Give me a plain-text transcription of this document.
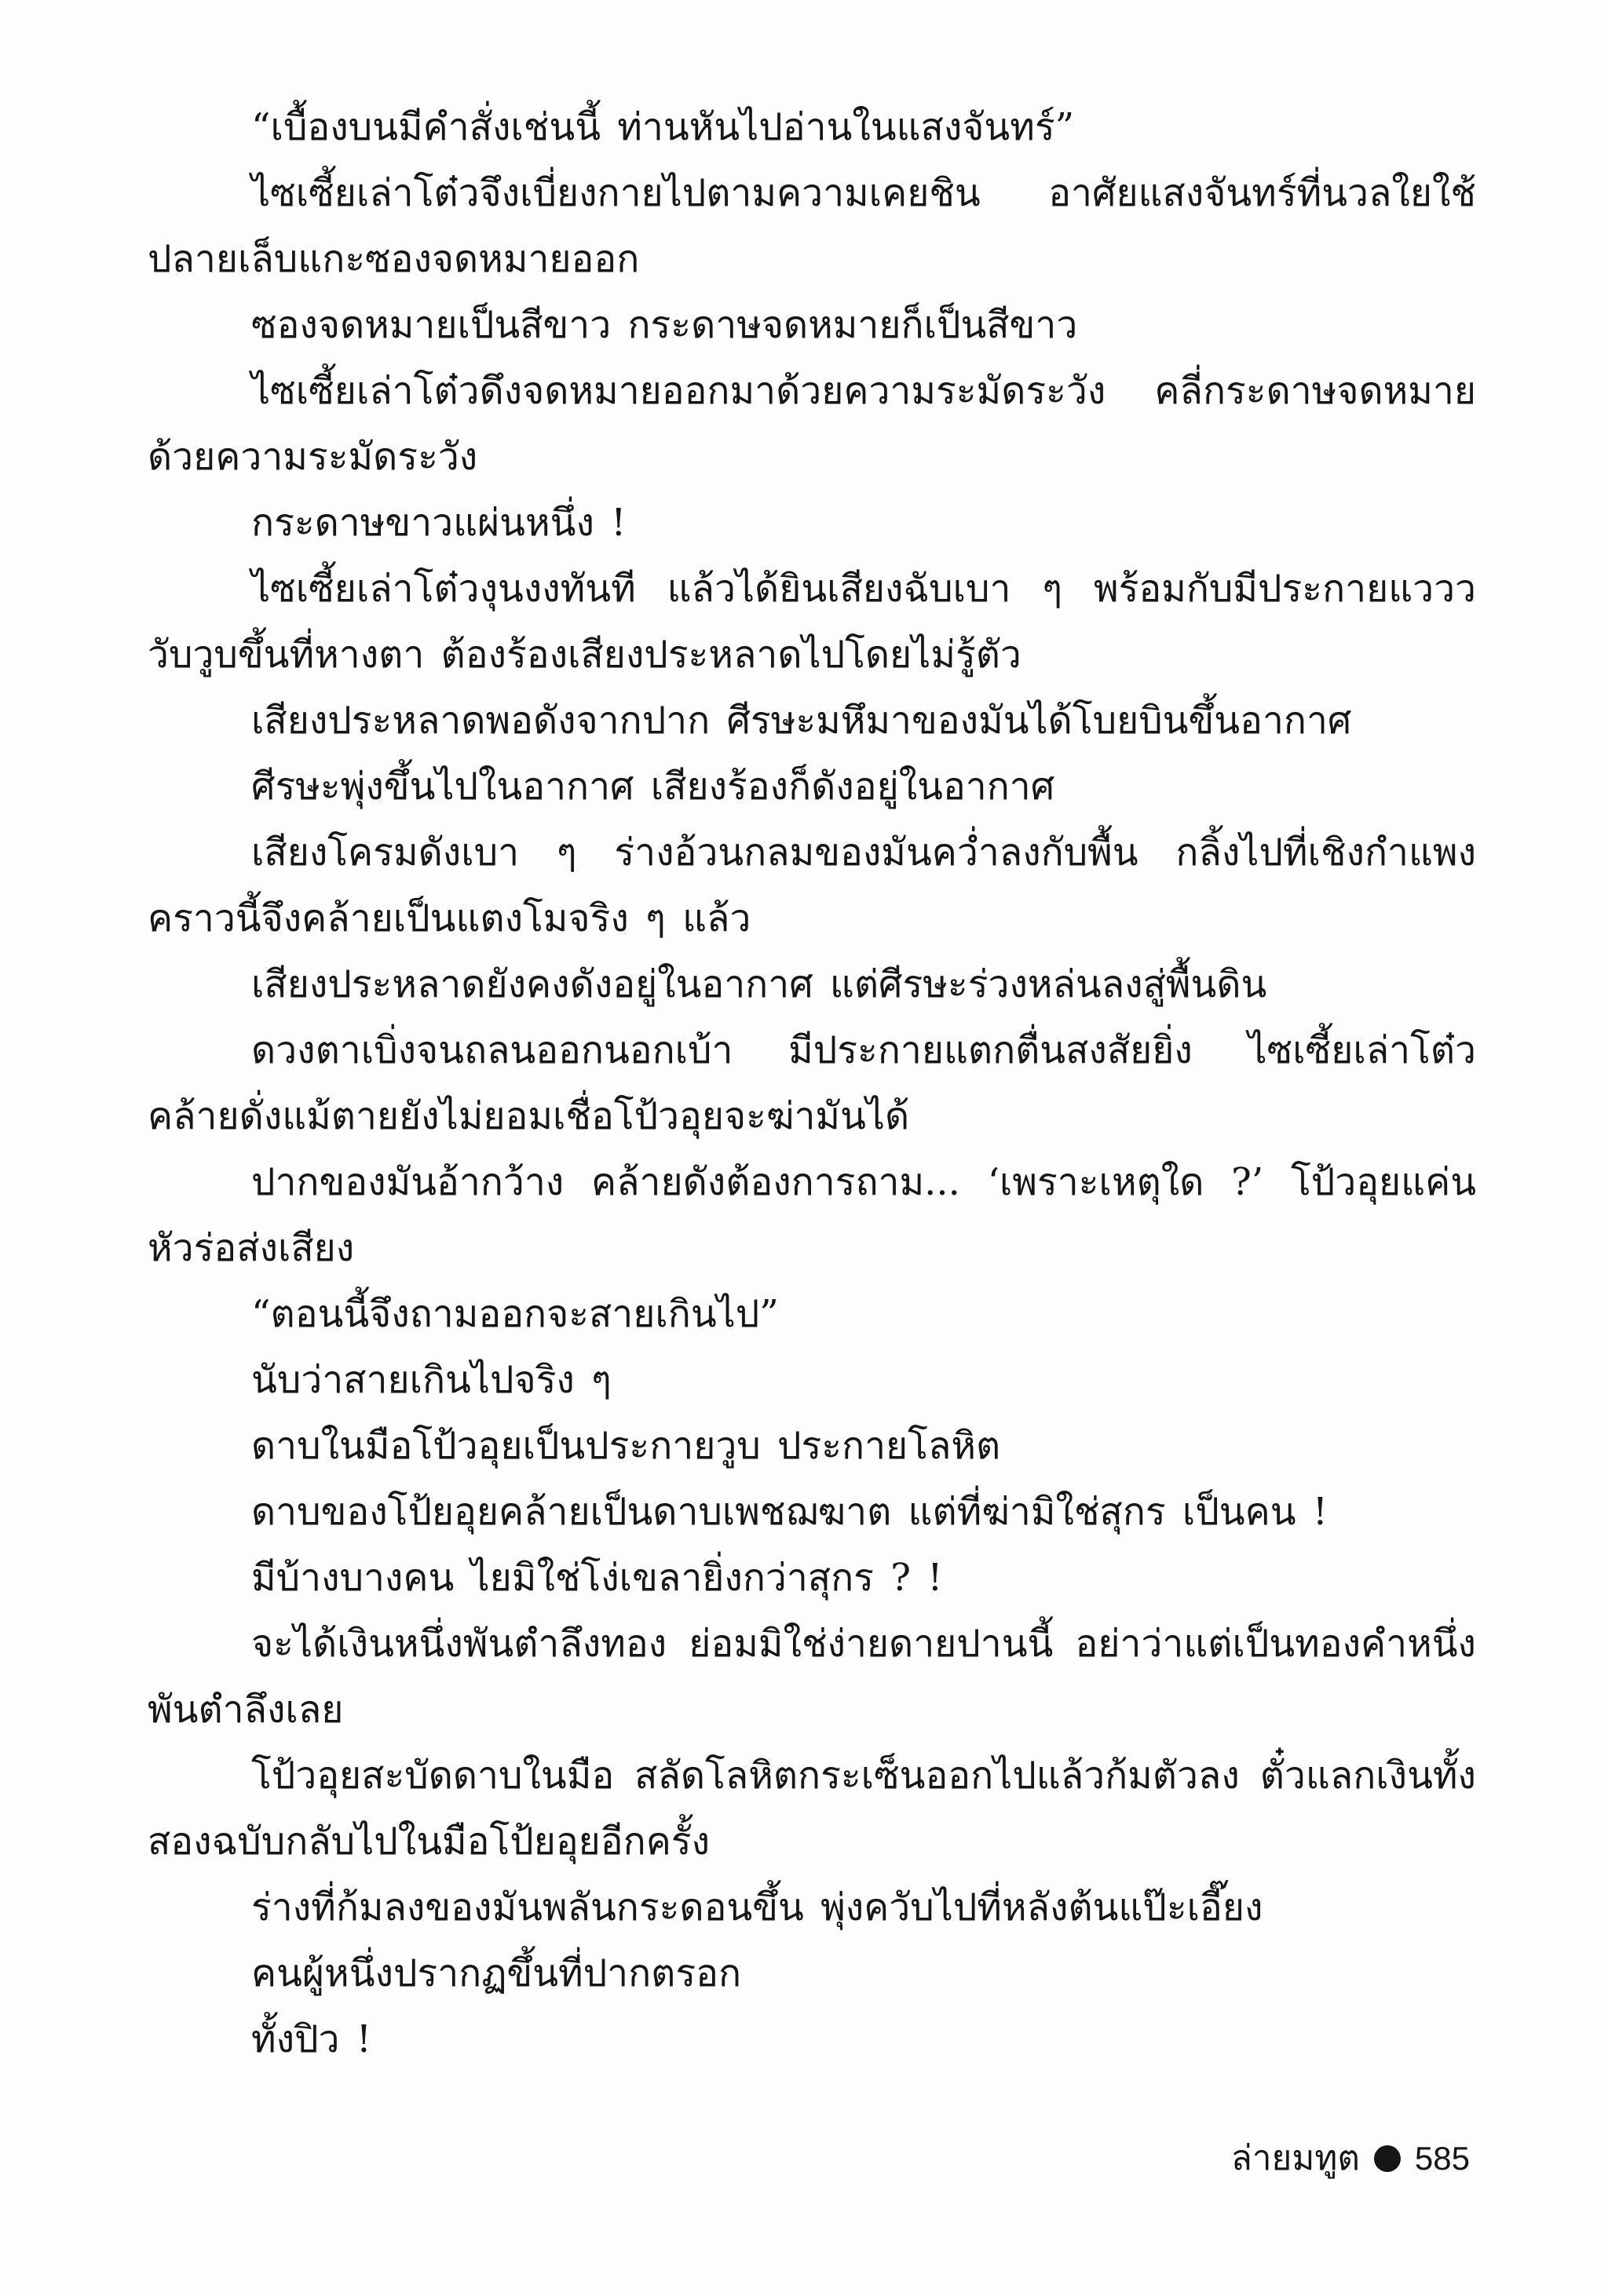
“เบื้องบนมีคำสั่งเช่นนี้ ท่านหันไปอ่านในแสงจันทร์”

ไซเซี้ยเล่าโต๋วจึงเบี่ยงกายไปตามความเคยชิน อาศัยแสงจันทร์ที่นวลใยใช้ปลายเล็บแกะซองจดหมายออก

ซองจดหมายเป็นสีขาว กระดาษจดหมายก็เป็นสีขาว

ไซเซี้ยเล่าโต๋วดึงจดหมายออกมาด้วยความระมัดระวัง คลี่กระดาษจดหมายด้วยความระมัดระวัง

กระดาษขาวแผ่นหนึ่ง !

ไซเซี้ยเล่าโต๋วงุนงงทันที แล้วได้ยินเสียงฉับเบา ๆ พร้อมกับมีประกายแววววับวูบขึ้นที่หางตา ต้องร้องเสียงประหลาดไปโดยไม่รู้ตัว

เสียงประหลาดพอดังจากปาก ศีรษะมหึมาของมันได้โบยบินขึ้นอากาศ

ศีรษะพุ่งขึ้นไปในอากาศ เสียงร้องก็ดังอยู่ในอากาศ

เสียงโครมดังเบา ๆ ร่างอ้วนกลมของมันคว่ำลงกับพื้น กลิ้งไปที่เชิงกำแพงคราวนี้จึงคล้ายเป็นแตงโมจริง ๆ แล้ว

เสียงประหลาดยังคงดังอยู่ในอากาศ แต่ศีรษะร่วงหล่นลงสู่พื้นดิน

ดวงตาเบิ่งจนถลนออกนอกเบ้า มีประกายแตกตื่นสงสัยยิ่ง ไซเซี้ยเล่าโต๋วคล้ายดั่งแม้ตายยังไม่ยอมเชื่อโป้วอุยจะฆ่ามันได้

ปากของมันอ้ากว้าง คล้ายดังต้องการถาม... ‘เพราะเหตุใด ?’ โป้วอุยแค่นหัวร่อส่งเสียง

“ตอนนี้จึงถามออกจะสายเกินไป”

นับว่าสายเกินไปจริง ๆ

ดาบในมือโป้วอุยเป็นประกายวูบ ประกายโลหิต

ดาบของโป้ยอุยคล้ายเป็นดาบเพชฌฆาต แต่ที่ฆ่ามิใช่สุกร เป็นคน !

มีบ้างบางคน ไยมิใช่โง่เขลายิ่งกว่าสุกร ? !

จะได้เงินหนึ่งพันตำลึงทอง ย่อมมิใช่ง่ายดายปานนี้ อย่าว่าแต่เป็นทองคำหนึ่งพันตำลึงเลย

โป้วอุยสะบัดดาบในมือ สลัดโลหิตกระเซ็นออกไปแล้วก้มตัวลง ตั๋วแลกเงินทั้งสองฉบับกลับไปในมือโป้ยอุยอีกครั้ง

ร่างที่ก้มลงของมันพลันกระดอนขึ้น พุ่งควับไปที่หลังต้นแป๊ะเอี๊ยง

คนผู้หนึ่งปรากฏขึ้นที่ปากตรอก

ทั้งปิว !

ล่ายมทูต 585
